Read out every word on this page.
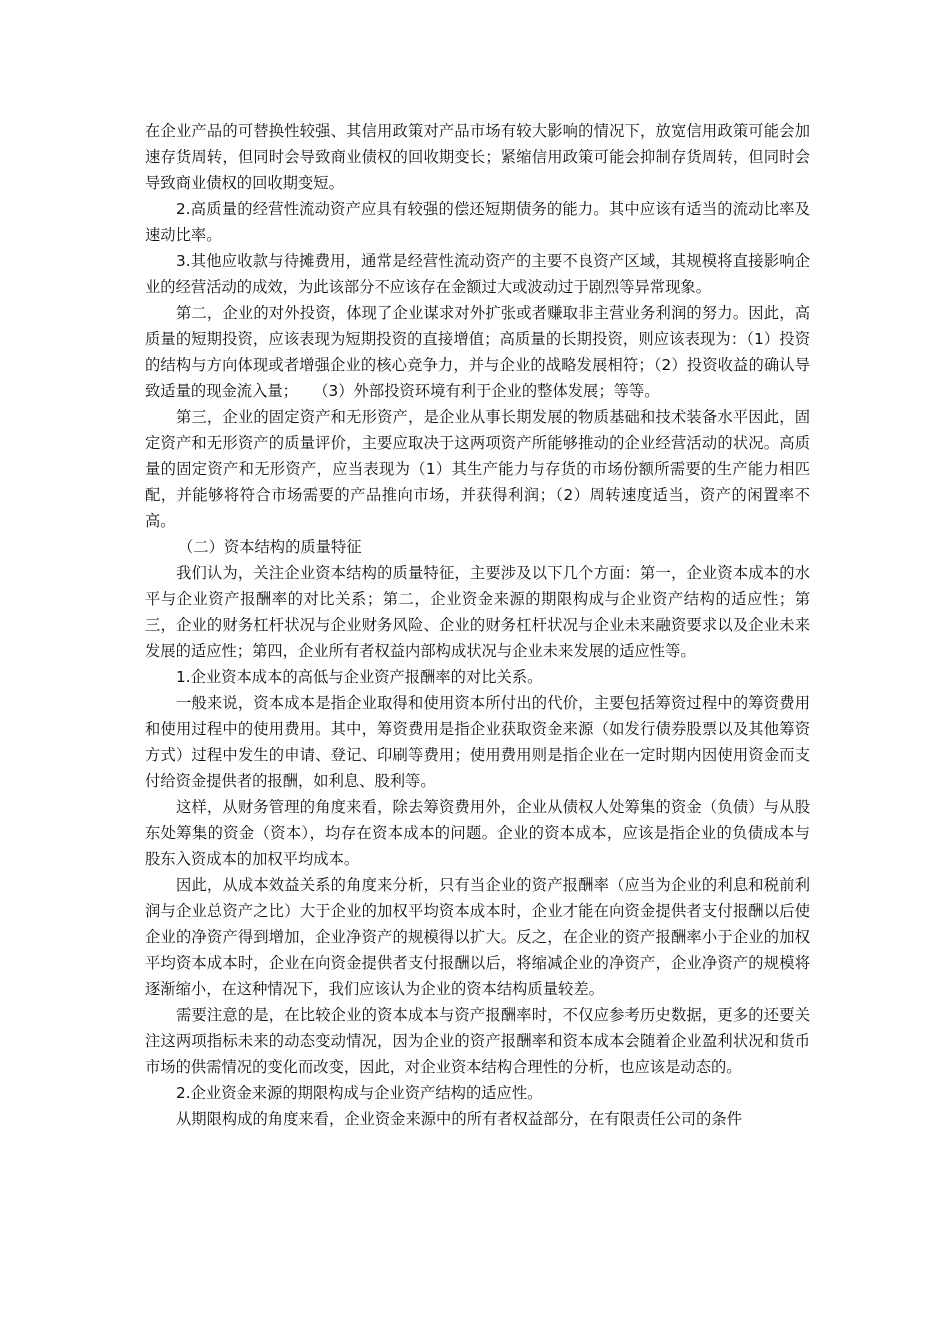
在企业产品的可替换性较强、其信用政策对产品市场有较大影响的情况下，放宽信用政策可能会加速存货周转，但同时会导致商业债权的回收期变长；紧缩信用政策可能会抑制存货周转，但同时会导致商业债权的回收期变短。

2.高质量的经营性流动资产应具有较强的偿还短期债务的能力。其中应该有适当的流动比率及速动比率。

3.其他应收款与待摊费用，通常是经营性流动资产的主要不良资产区域，其规模将直接影响企业的经营活动的成效，为此该部分不应该存在金额过大或波动过于剧烈等异常现象。

第二，企业的对外投资，体现了企业谋求对外扩张或者赚取非主营业务利润的努力。因此，高质量的短期投资，应该表现为短期投资的直接增值；高质量的长期投资，则应该表现为：（1）投资的结构与方向体现或者增强企业的核心竞争力，并与企业的战略发展相符；（2）投资收益的确认导致适量的现金流入量；　　（3）外部投资环境有利于企业的整体发展；等等。

第三，企业的固定资产和无形资产，是企业从事长期发展的物质基础和技术装备水平因此，固定资产和无形资产的质量评价，主要应取决于这两项资产所能够推动的企业经营活动的状况。高质量的固定资产和无形资产，应当表现为（1）其生产能力与存货的市场份额所需要的生产能力相匹配，并能够将符合市场需要的产品推向市场，并获得利润；（2）周转速度适当，资产的闲置率不高。

（二）资本结构的质量特征

我们认为，关注企业资本结构的质量特征，主要涉及以下几个方面：第一，企业资本成本的水平与企业资产报酬率的对比关系；第二，企业资金来源的期限构成与企业资产结构的适应性；第三，企业的财务杠杆状况与企业财务风险、企业的财务杠杆状况与企业未来融资要求以及企业未来发展的适应性；第四，企业所有者权益内部构成状况与企业未来发展的适应性等。

1.企业资本成本的高低与企业资产报酬率的对比关系。

一般来说，资本成本是指企业取得和使用资本所付出的代价，主要包括筹资过程中的筹资费用和使用过程中的使用费用。其中，筹资费用是指企业获取资金来源（如发行债券股票以及其他筹资方式）过程中发生的申请、登记、印刷等费用；使用费用则是指企业在一定时期内因使用资金而支付给资金提供者的报酬，如利息、股利等。

这样，从财务管理的角度来看，除去筹资费用外，企业从债权人处筹集的资金（负债）与从股东处筹集的资金（资本），均存在资本成本的问题。企业的资本成本，应该是指企业的负债成本与股东入资成本的加权平均成本。

因此，从成本效益关系的角度来分析，只有当企业的资产报酬率（应当为企业的利息和税前利润与企业总资产之比）大于企业的加权平均资本成本时，企业才能在向资金提供者支付报酬以后使企业的净资产得到增加，企业净资产的规模得以扩大。反之，在企业的资产报酬率小于企业的加权平均资本成本时，企业在向资金提供者支付报酬以后，将缩减企业的净资产，企业净资产的规模将逐渐缩小，在这种情况下，我们应该认为企业的资本结构质量较差。

需要注意的是，在比较企业的资本成本与资产报酬率时，不仅应参考历史数据，更多的还要关注这两项指标未来的动态变动情况，因为企业的资产报酬率和资本成本会随着企业盈利状况和货币市场的供需情况的变化而改变，因此，对企业资本结构合理性的分析，也应该是动态的。

2.企业资金来源的期限构成与企业资产结构的适应性。

从期限构成的角度来看，企业资金来源中的所有者权益部分，在有限责任公司的条件
